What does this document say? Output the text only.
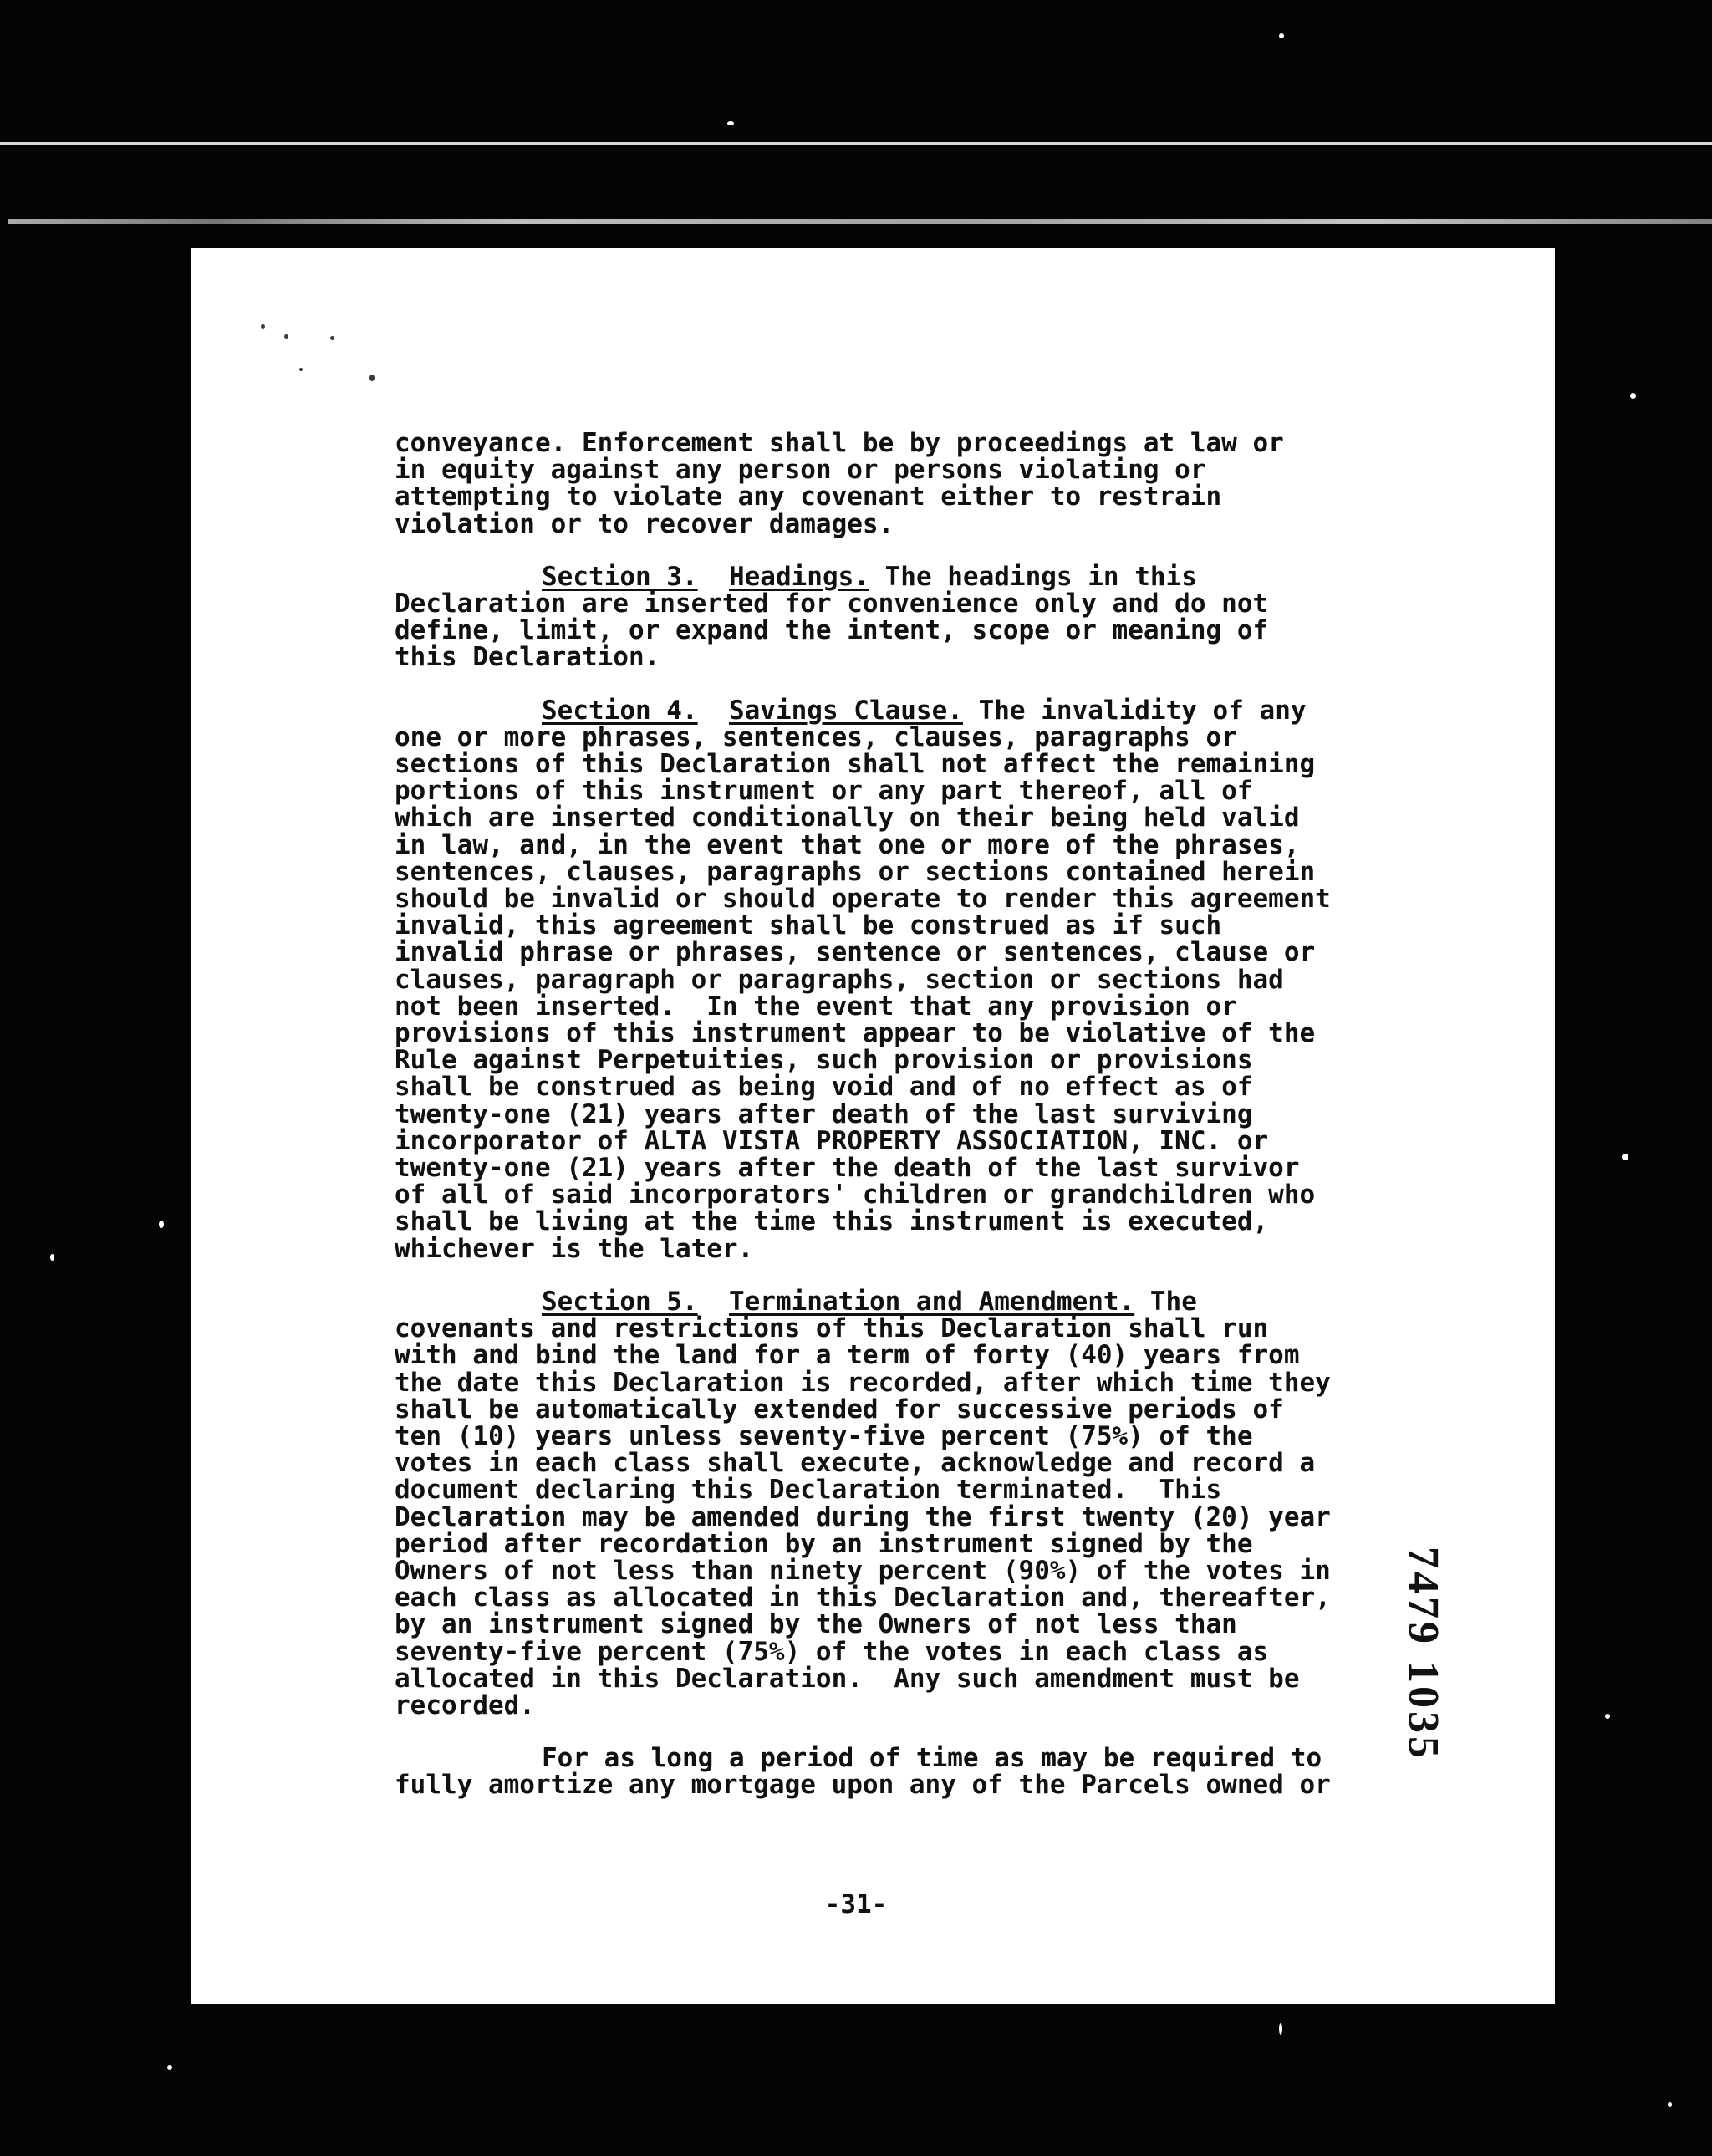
conveyance. Enforcement shall be by proceedings at law or
in equity against any person or persons violating or
attempting to violate any covenant either to restrain
violation or to recover damages.
Section 3. Headings. The headings in this
Declaration are inserted for convenience only and do not
define, limit, or expand the intent, scope or meaning of
this Declaration.
Section 4. Savings Clause. The invalidity of any
one or more phrases, sentences, clauses, paragraphs or
sections of this Declaration shall not affect the remaining
portions of this instrument or any part thereof, all of
which are inserted conditionally on their being held valid
in law, and, in the event that one or more of the phrases,
sentences, clauses, paragraphs or sections contained herein
should be invalid or should operate to render this agreement
invalid, this agreement shall be construed as if such
invalid phrase or phrases, sentence or sentences, clause or
clauses, paragraph or paragraphs, section or sections had
not been inserted.  In the event that any provision or
provisions of this instrument appear to be violative of the
Rule against Perpetuities, such provision or provisions
shall be construed as being void and of no effect as of
twenty-one (21) years after death of the last surviving
incorporator of ALTA VISTA PROPERTY ASSOCIATION, INC. or
twenty-one (21) years after the death of the last survivor
of all of said incorporators' children or grandchildren who
shall be living at the time this instrument is executed,
whichever is the later.
Section 5. Termination and Amendment. The
covenants and restrictions of this Declaration shall run
with and bind the land for a term of forty (40) years from
the date this Declaration is recorded, after which time they
shall be automatically extended for successive periods of
ten (10) years unless seventy-five percent (75%) of the
votes in each class shall execute, acknowledge and record a
document declaring this Declaration terminated.  This
Declaration may be amended during the first twenty (20) year
period after recordation by an instrument signed by the
Owners of not less than ninety percent (90%) of the votes in
each class as allocated in this Declaration and, thereafter,
by an instrument signed by the Owners of not less than
seventy-five percent (75%) of the votes in each class as
allocated in this Declaration.  Any such amendment must be
recorded.
For as long a period of time as may be required to
fully amortize any mortgage upon any of the Parcels owned or
-31-
7479 1035
